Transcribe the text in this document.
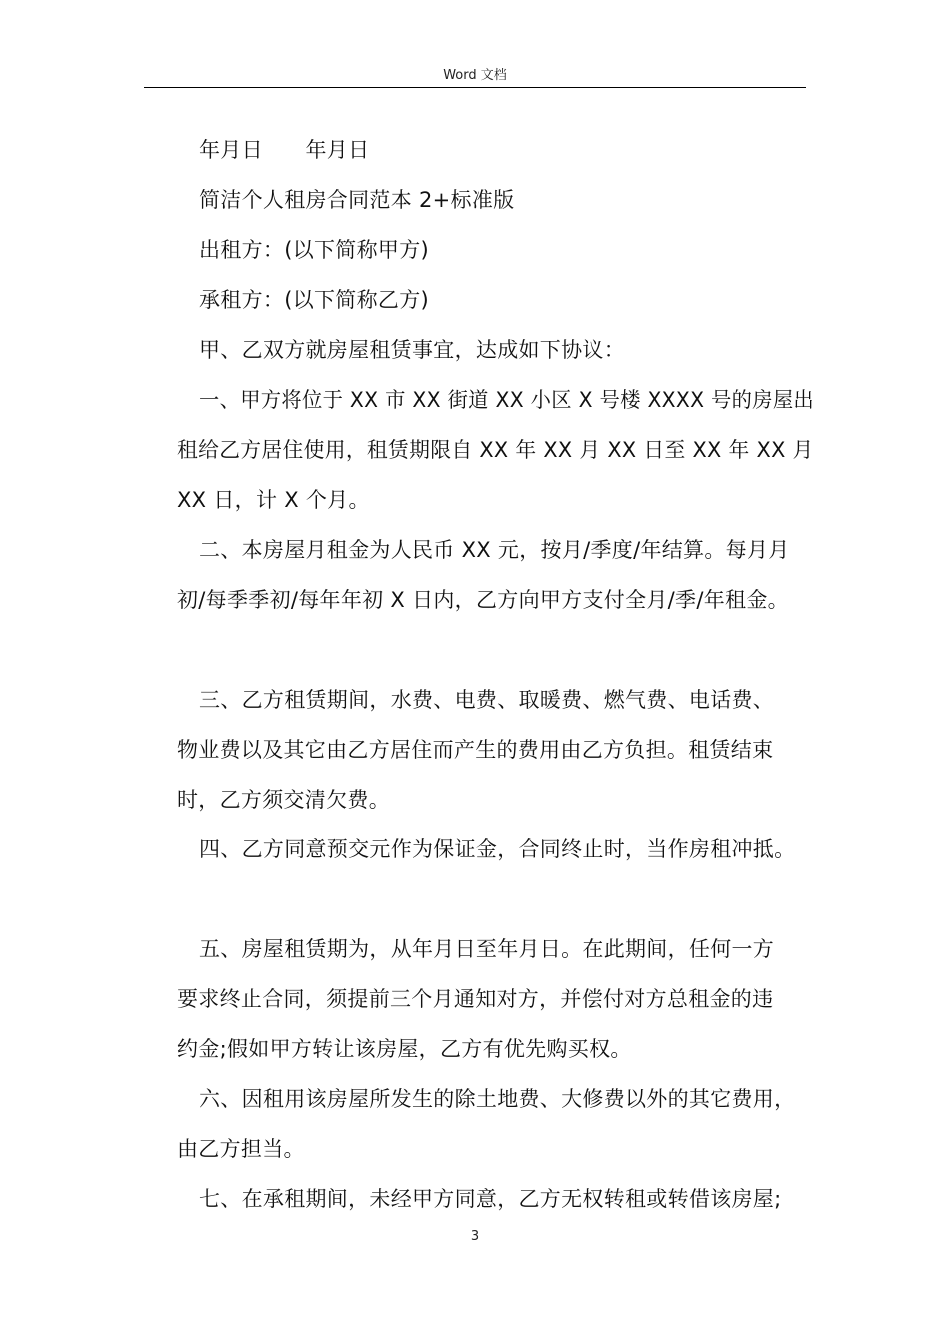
Word 文档
年月日　　年月日
简洁个人租房合同范本 2+标准版
出租方：(以下简称甲方)
承租方：(以下简称乙方)
甲、乙双方就房屋租赁事宜，达成如下协议：
一、甲方将位于 XX 市 XX 街道 XX 小区 X 号楼 XXXX 号的房屋出
租给乙方居住使用，租赁期限自 XX 年 XX 月 XX 日至 XX 年 XX 月
XX 日，计 X 个月。
二、本房屋月租金为人民币 XX 元，按月/季度/年结算。每月月
初/每季季初/每年年初 X 日内，乙方向甲方支付全月/季/年租金。
三、乙方租赁期间，水费、电费、取暖费、燃气费、电话费、
物业费以及其它由乙方居住而产生的费用由乙方负担。租赁结束
时，乙方须交清欠费。
四、乙方同意预交元作为保证金，合同终止时，当作房租冲抵。
五、房屋租赁期为，从年月日至年月日。在此期间，任何一方
要求终止合同，须提前三个月通知对方，并偿付对方总租金的违
约金;假如甲方转让该房屋，乙方有优先购买权。
六、因租用该房屋所发生的除土地费、大修费以外的其它费用，
由乙方担当。
七、在承租期间，未经甲方同意，乙方无权转租或转借该房屋;
3
